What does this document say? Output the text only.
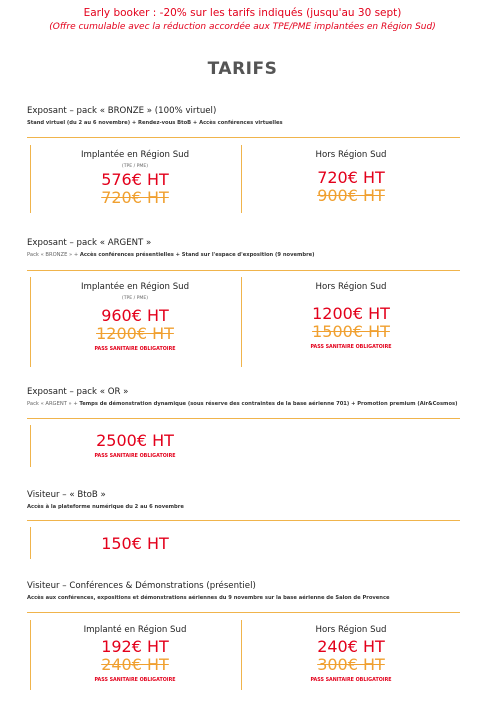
Early booker : -20% sur les tarifs indiqués (jusqu'au 30 sept)
(Offre cumulable avec la réduction accordée aux TPE/PME implantées en Région Sud)
TARIFS
Exposant – pack « BRONZE » (100% virtuel)
Stand virtuel (du 2 au 6 novembre) + Rendez-vous BtoB + Accès conférences virtuelles
Implantée en Région Sud
(TPE / PME)
576€ HT
720€ HT
Hors Région Sud
720€ HT
900€ HT
Exposant – pack « ARGENT »
Pack « BRONZE » + Accès conférences présentielles + Stand sur l'espace d'exposition (9 novembre)
Implantée en Région Sud
(TPE / PME)
960€ HT
1200€ HT
PASS SANITAIRE OBLIGATOIRE
Hors Région Sud
1200€ HT
1500€ HT
PASS SANITAIRE OBLIGATOIRE
Exposant – pack « OR »
Pack « ARGENT » + Temps de démonstration dynamique (sous réserve des contraintes de la base aérienne 701) + Promotion premium (Air&Cosmos)
2500€ HT
PASS SANITAIRE OBLIGATOIRE
Visiteur – « BtoB »
Accès à la plateforme numérique du 2 au 6 novembre
150€ HT
Visiteur – Conférences & Démonstrations (présentiel)
Accès aux conférences, expositions et démonstrations aériennes du 9 novembre sur la base aérienne de Salon de Provence
Implanté en Région Sud
192€ HT
240€ HT
PASS SANITAIRE OBLIGATOIRE
Hors Région Sud
240€ HT
300€ HT
PASS SANITAIRE OBLIGATOIRE
